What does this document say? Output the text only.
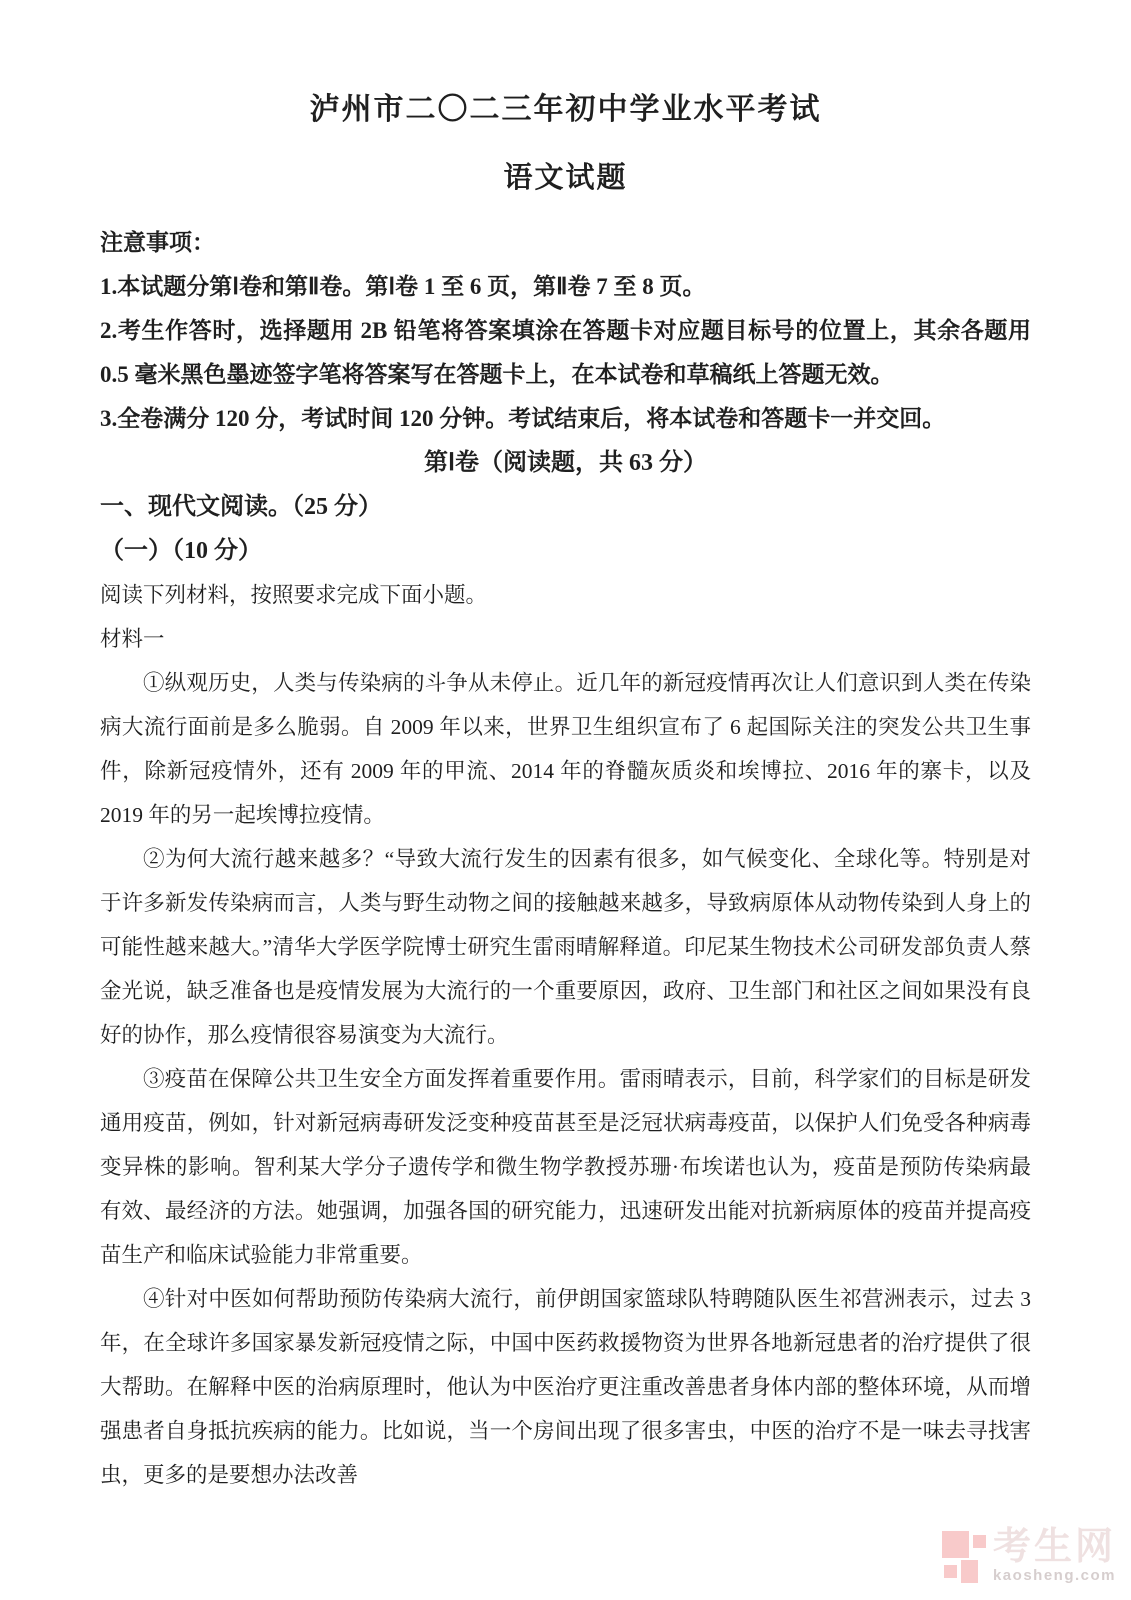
泸州市二〇二三年初中学业水平考试
语文试题

注意事项：

1.本试题分第Ⅰ卷和第Ⅱ卷。第Ⅰ卷 1 至 6 页，第Ⅱ卷 7 至 8 页。

2.考生作答时，选择题用 2B 铅笔将答案填涂在答题卡对应题目标号的位置上，其余各题用 0.5 毫米黑色墨迹签字笔将答案写在答题卡上，在本试卷和草稿纸上答题无效。

3.全卷满分 120 分，考试时间 120 分钟。考试结束后，将本试卷和答题卡一并交回。

第Ⅰ卷（阅读题，共 63 分）

一、现代文阅读。（25 分）

（一）（10 分）

阅读下列材料，按照要求完成下面小题。

材料一

①纵观历史，人类与传染病的斗争从未停止。近几年的新冠疫情再次让人们意识到人类在传染病大流行面前是多么脆弱。自 2009 年以来，世界卫生组织宣布了 6 起国际关注的突发公共卫生事件，除新冠疫情外，还有 2009 年的甲流、2014 年的脊髓灰质炎和埃博拉、2016 年的寨卡，以及 2019 年的另一起埃博拉疫情。

②为何大流行越来越多？“导致大流行发生的因素有很多，如气候变化、全球化等。特别是对于许多新发传染病而言，人类与野生动物之间的接触越来越多，导致病原体从动物传染到人身上的可能性越来越大。”清华大学医学院博士研究生雷雨晴解释道。印尼某生物技术公司研发部负责人蔡金光说，缺乏准备也是疫情发展为大流行的一个重要原因，政府、卫生部门和社区之间如果没有良好的协作，那么疫情很容易演变为大流行。

③疫苗在保障公共卫生安全方面发挥着重要作用。雷雨晴表示，目前，科学家们的目标是研发通用疫苗，例如，针对新冠病毒研发泛变种疫苗甚至是泛冠状病毒疫苗，以保护人们免受各种病毒变异株的影响。智利某大学分子遗传学和微生物学教授苏珊·布埃诺也认为，疫苗是预防传染病最有效、最经济的方法。她强调，加强各国的研究能力，迅速研发出能对抗新病原体的疫苗并提高疫苗生产和临床试验能力非常重要。

④针对中医如何帮助预防传染病大流行，前伊朗国家篮球队特聘随队医生祁营洲表示，过去 3 年，在全球许多国家暴发新冠疫情之际，中国中医药救援物资为世界各地新冠患者的治疗提供了很大帮助。在解释中医的治病原理时，他认为中医治疗更注重改善患者身体内部的整体环境，从而增强患者自身抵抗疾病的能力。比如说，当一个房间出现了很多害虫，中医的治疗不是一味去寻找害虫，更多的是要想办法改善

考生网
kaosheng.com
